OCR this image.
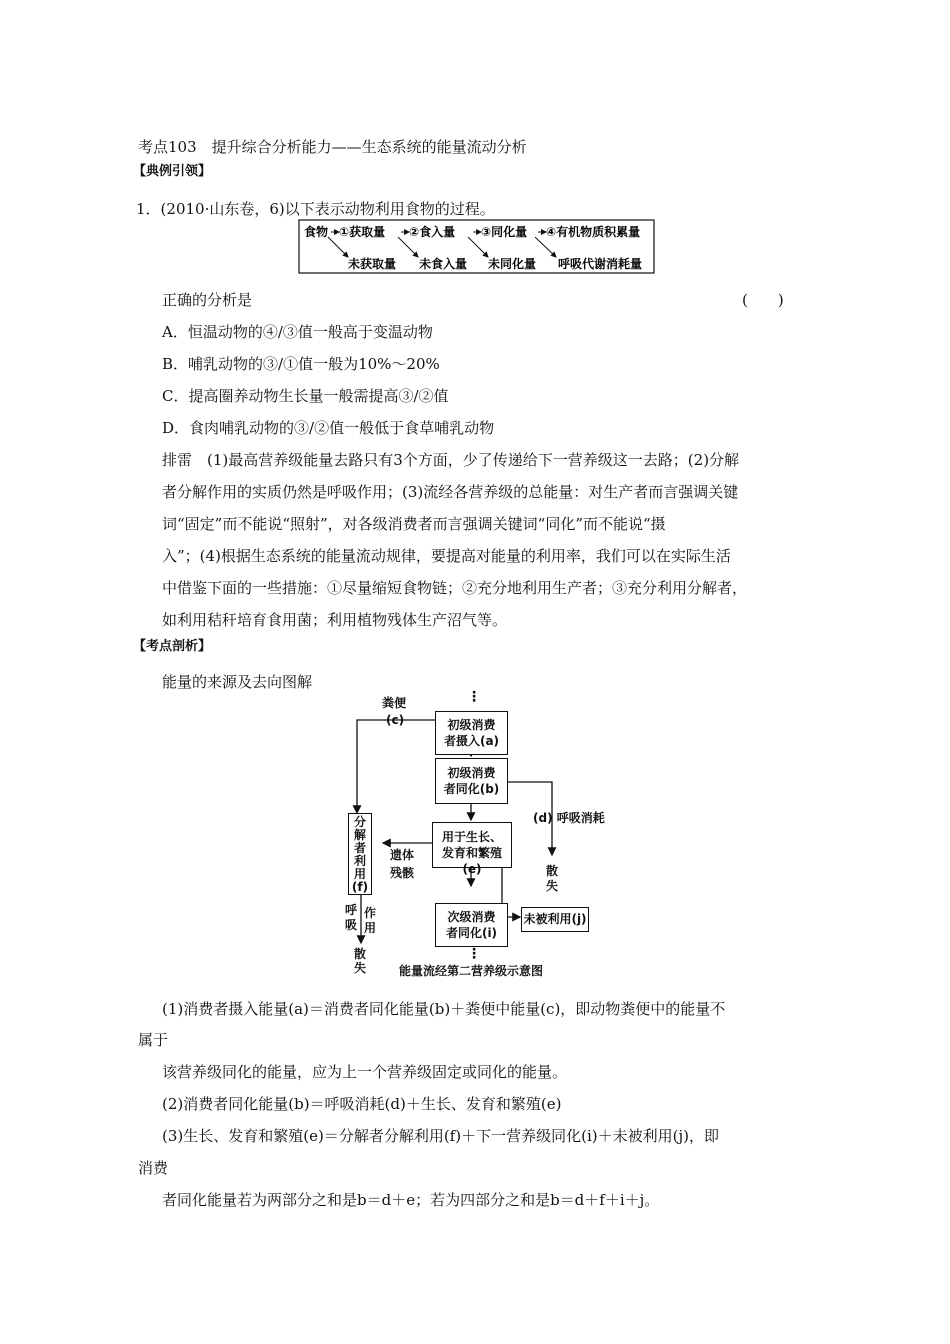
考点103　提升综合分析能力——生态系统的能量流动分析
【典例引领】
1．(2010·山东卷，6)以下表示动物利用食物的过程。
食物 ①获取量 ②食入量 ③同化量 ④有机物质积累量
未获取量 未食入量 未同化量 呼吸代谢消耗量
正确的分析是	(　　)
A．恒温动物的④/③值一般高于变温动物
B．哺乳动物的③/①值一般为10%～20%
C．提高圈养动物生长量一般需提高③/②值
D．食肉哺乳动物的③/②值一般低于食草哺乳动物
排雷　(1)最高营养级能量去路只有3个方面，少了传递给下一营养级这一去路；(2)分解
者分解作用的实质仍然是呼吸作用；(3)流经各营养级的总能量：对生产者而言强调关键
词“固定”而不能说“照射”，对各级消费者而言强调关键词“同化”而不能说“摄
入”；(4)根据生态系统的能量流动规律，要提高对能量的利用率，我们可以在实际生活
中借鉴下面的一些措施：①尽量缩短食物链；②充分地利用生产者；③充分利用分解者，
如利用秸秆培育食用菌；利用植物残体生产沼气等。
【考点剖析】
能量的来源及去向图解
⋮
初级消费
者摄入(a)
初级消费
者同化(b)
用于生长、
发育和繁殖(e)
次级消费
者同化(i)
未被利用(j)
分
解
者
利
用
(f)
粪便
(c)
(d) 呼吸消耗
散
失
遗体
残骸
呼
吸
作
用
散
失
⋮
能量流经第二营养级示意图
(1)消费者摄入能量(a)＝消费者同化能量(b)＋粪便中能量(c)，即动物粪便中的能量不
属于
该营养级同化的能量，应为上一个营养级固定或同化的能量。
(2)消费者同化能量(b)＝呼吸消耗(d)＋生长、发育和繁殖(e)
(3)生长、发育和繁殖(e)＝分解者分解利用(f)＋下一营养级同化(i)＋未被利用(j)，即
消费
者同化能量若为两部分之和是b＝d＋e；若为四部分之和是b＝d＋f＋i＋j。
